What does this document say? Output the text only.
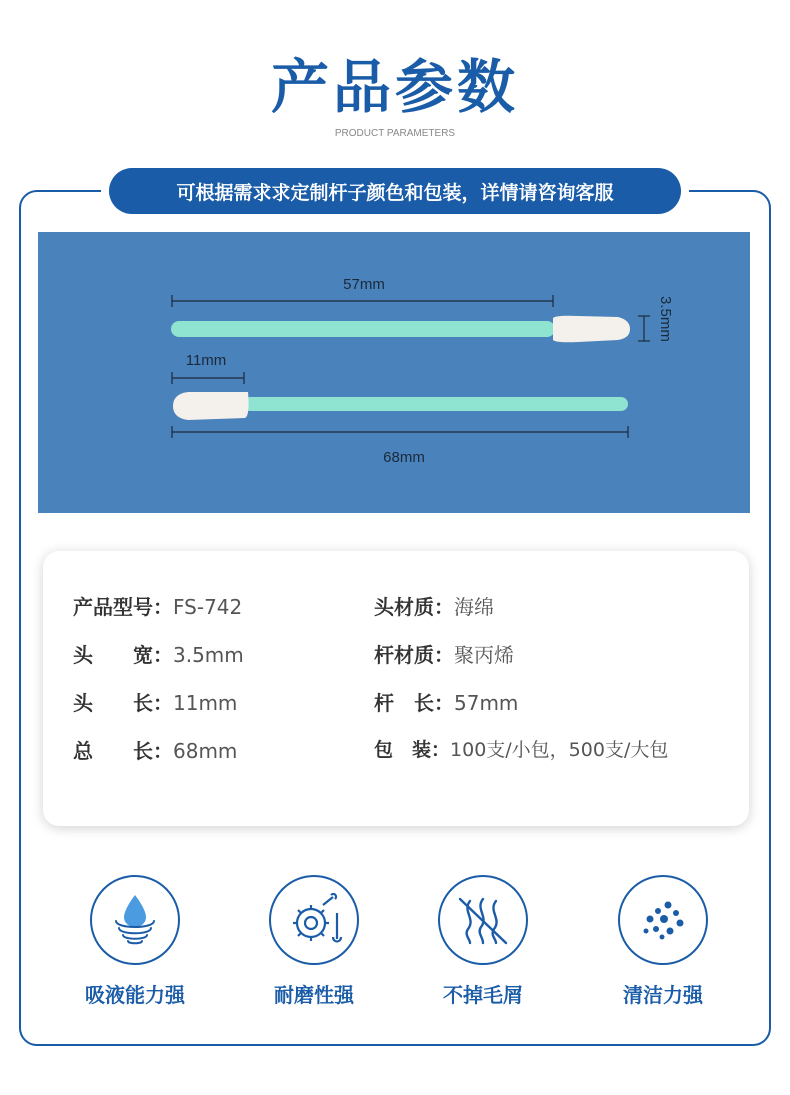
产品参数
PRODUCT PARAMETERS
可根据需求求定制杆子颜色和包装，详情请咨询客服
57mm
3.5mm
11mm
68mm
产品型号：FS-742
头　　宽：3.5mm
头　　长：11mm
总　　长：68mm
头材质：海绵
杆材质：聚丙烯
杆　长：57mm
包　装：100支/小包，500支/大包
吸液能力强	耐磨性强	不掉毛屑	清洁力强
